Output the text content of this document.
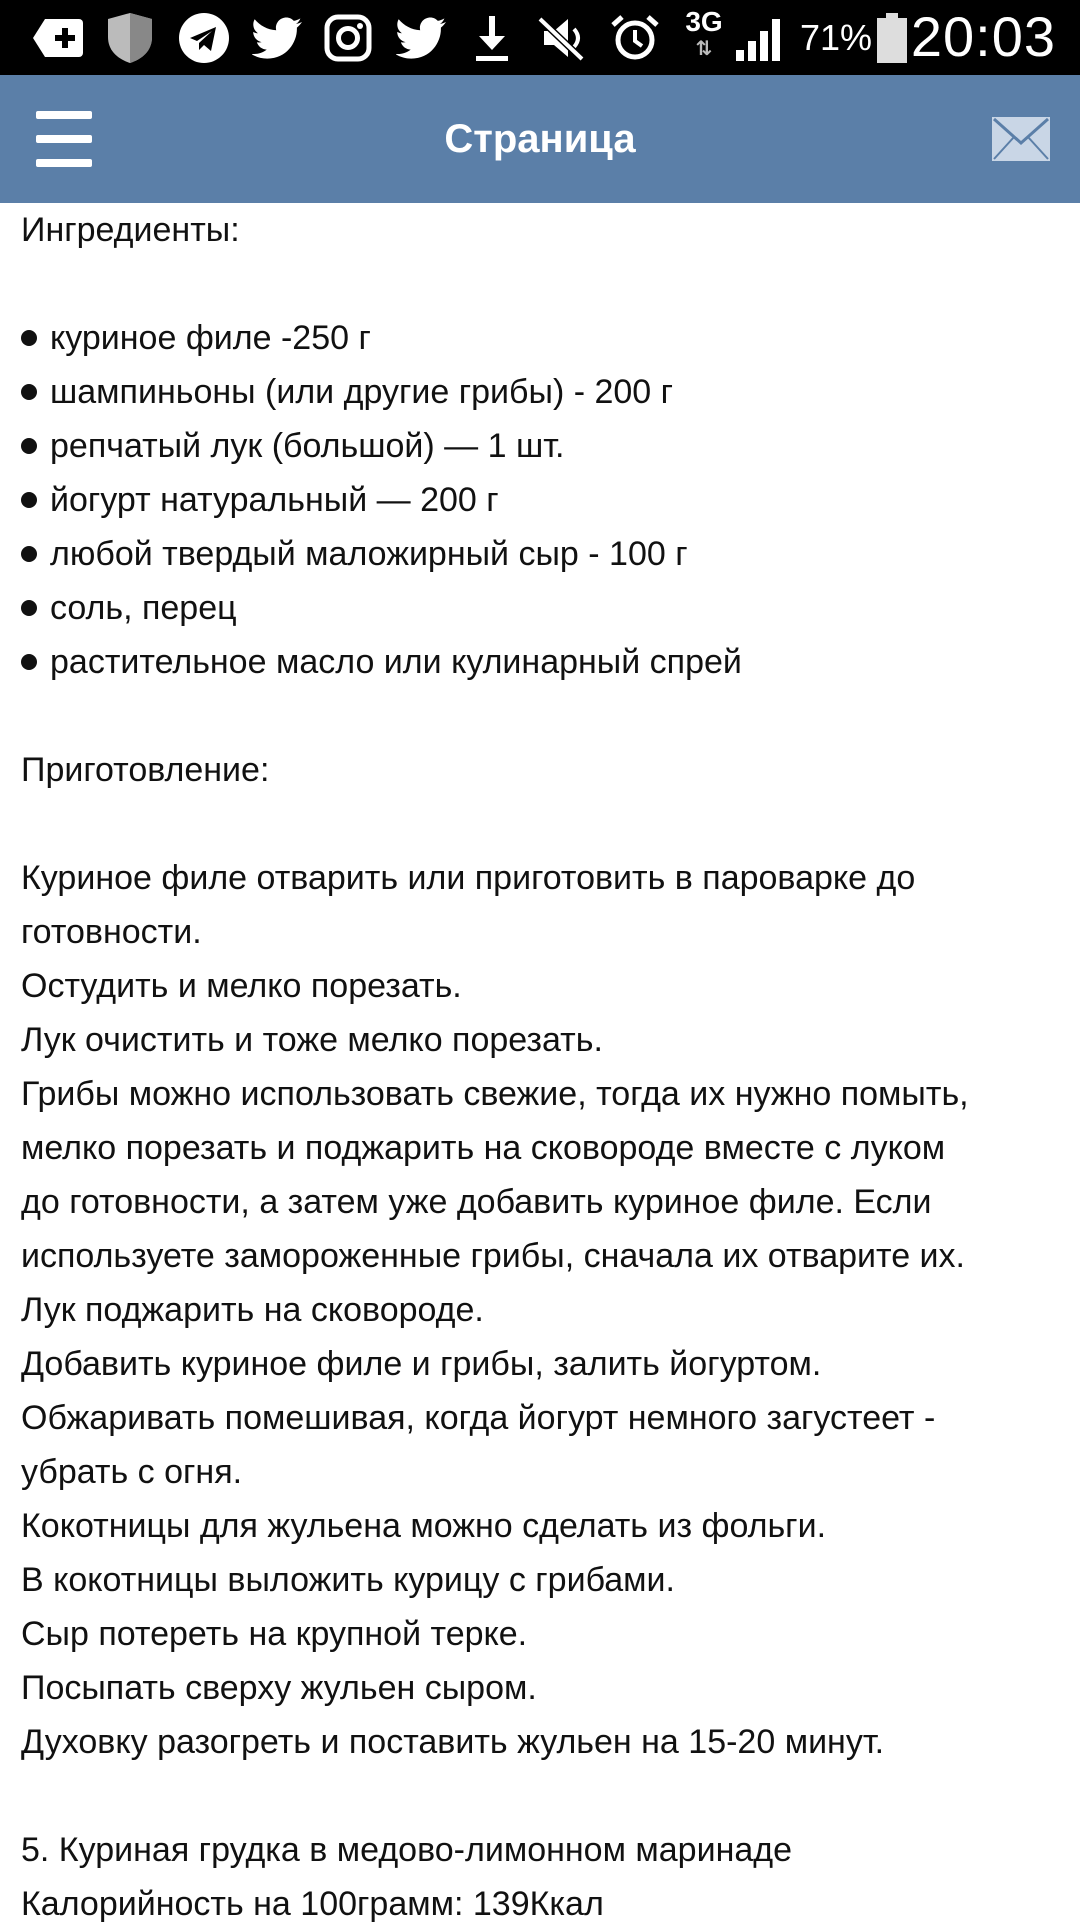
3G
⇅	71% 20:03
Страница

Ингредиенты:

куриное филе -250 г
шампиньоны (или другие грибы) - 200 г
репчатый лук (большой) — 1 шт.
йогурт натуральный — 200 г
любой твердый маложирный сыр - 100 г
соль, перец
растительное масло или кулинарный спрей

Приготовление:

Куриное филе отварить или приготовить в пароварке до

готовности.

Остудить и мелко порезать.

Лук очистить и тоже мелко порезать.

Грибы можно использовать свежие, тогда их нужно помыть,

мелко порезать и поджарить на сковороде вместе с луком

до готовности, а затем уже добавить куриное филе. Если

используете замороженные грибы, сначала их отварите их.

Лук поджарить на сковороде.

Добавить куриное филе и грибы, залить йогуртом.

Обжаривать помешивая, когда йогурт немного загустеет -

убрать с огня.

Кокотницы для жульена можно сделать из фольги.

В кокотницы выложить курицу с грибами.

Сыр потереть на крупной терке.

Посыпать сверху жульен сыром.

Духовку разогреть и поставить жульен на 15-20 минут.

5. Куриная грудка в медово-лимонном маринаде

Калорийность на 100грамм: 139Ккал
